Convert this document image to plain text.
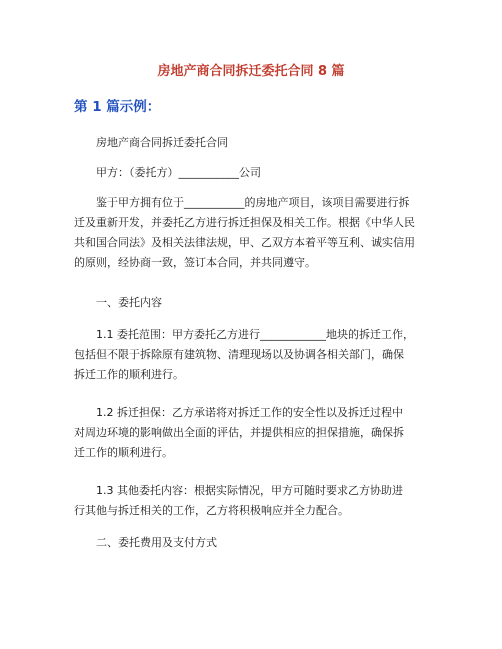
房地产商合同拆迁委托合同 8 篇
第 1 篇示例：
房地产商合同拆迁委托合同
甲方：（委托方）___________公司
鉴于甲方拥有位于___________的房地产项目，该项目需要进行拆
迁及重新开发，并委托乙方进行拆迁担保及相关工作。根据《中华人民
共和国合同法》及相关法律法规，甲、乙双方本着平等互利、诚实信用
的原则，经协商一致，签订本合同，并共同遵守。
一、委托内容
1.1 委托范围：甲方委托乙方进行____________地块的拆迁工作，
包括但不限于拆除原有建筑物、清理现场以及协调各相关部门，确保
拆迁工作的顺利进行。
1.2 拆迁担保：乙方承诺将对拆迁工作的安全性以及拆迁过程中
对周边环境的影响做出全面的评估，并提供相应的担保措施，确保拆
迁工作的顺利进行。
1.3 其他委托内容：根据实际情况，甲方可随时要求乙方协助进
行其他与拆迁相关的工作，乙方将积极响应并全力配合。
二、委托费用及支付方式
